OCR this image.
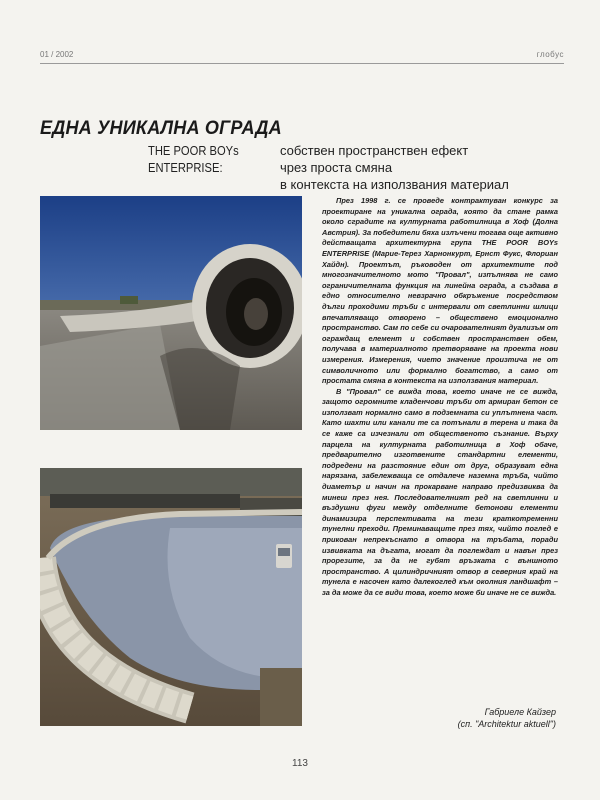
01 / 2002	глобус
ЕДНА УНИКАЛНА ОГРАДА
THE POOR BOYs ENTERPRISE:
собствен пространствен ефект
чрез проста смяна
в контекста на използвания материал

През 1998 г. се проведе контрактуван конкурс за проектиране на уникална ограда, която да стане рамка около сградите на културната работилница в Хоф (Долна Австрия). За победители бяха излъчени тогава още активно действащата архитектурна група THE POOR BOYs ENTERPRISE (Марие-Терез Харнонкурт, Ернст Фукс, Флориан Хайдн). Проектът, ръководен от архитектите под многозначителното мото "Провал", изпълнява не само ограничителната функция на линейна ограда, а създава в едно относително невзрачно обкръжение посредством дълги проходими тръби с интервали от светлинни шлици впечатляващо отворено – обществено емоционално пространство. Сам по себе си очарователният дуализъм от ограждащ елемент и собствен пространствен обем, получава в материалното претворяване на проекта нови измерения. Измерения, чието значение произтича не от символичното или формално богатство, а само от простата смяна в контекста на използвания материал.

В "Провал" се вижда това, което иначе не се вижда, защото огромните кладенчови тръби от армиран бетон се използват нормално само в подземната си уплътнена част. Като шахти или канали те са потънали в терена и така да се каже са изчезнали от общественото съзнание. Върху парцела на културната работилница в Хоф обаче, предварително изготвените стандартни елементи, подредени на разстояние един от друг, образуват една нарязана, забележваща се отдалече наземна тръба, чийто диаметър и начин на прокарване направо предизвиква да минеш през нея. Последователният ред на светлинни и въздушни фуги между отделните бетонови елементи динамизира перспективата на тези краткотременни тунелни преходи. Преминаващите през тях, чийто поглед е прикован непрекъснато в отвора на тръбата, поради извивката на дъгата, могат да поглеждат и навън през прорезите, за да не губят връзката с външното пространство. А цилиндричният отвор в северния край на тунела е насочен като далекоглед към околния ландшафт – за да може да се види това, което може би иначе не се вижда.

Габриеле Кайзер
(сп. "Architektur aktuell")
113
